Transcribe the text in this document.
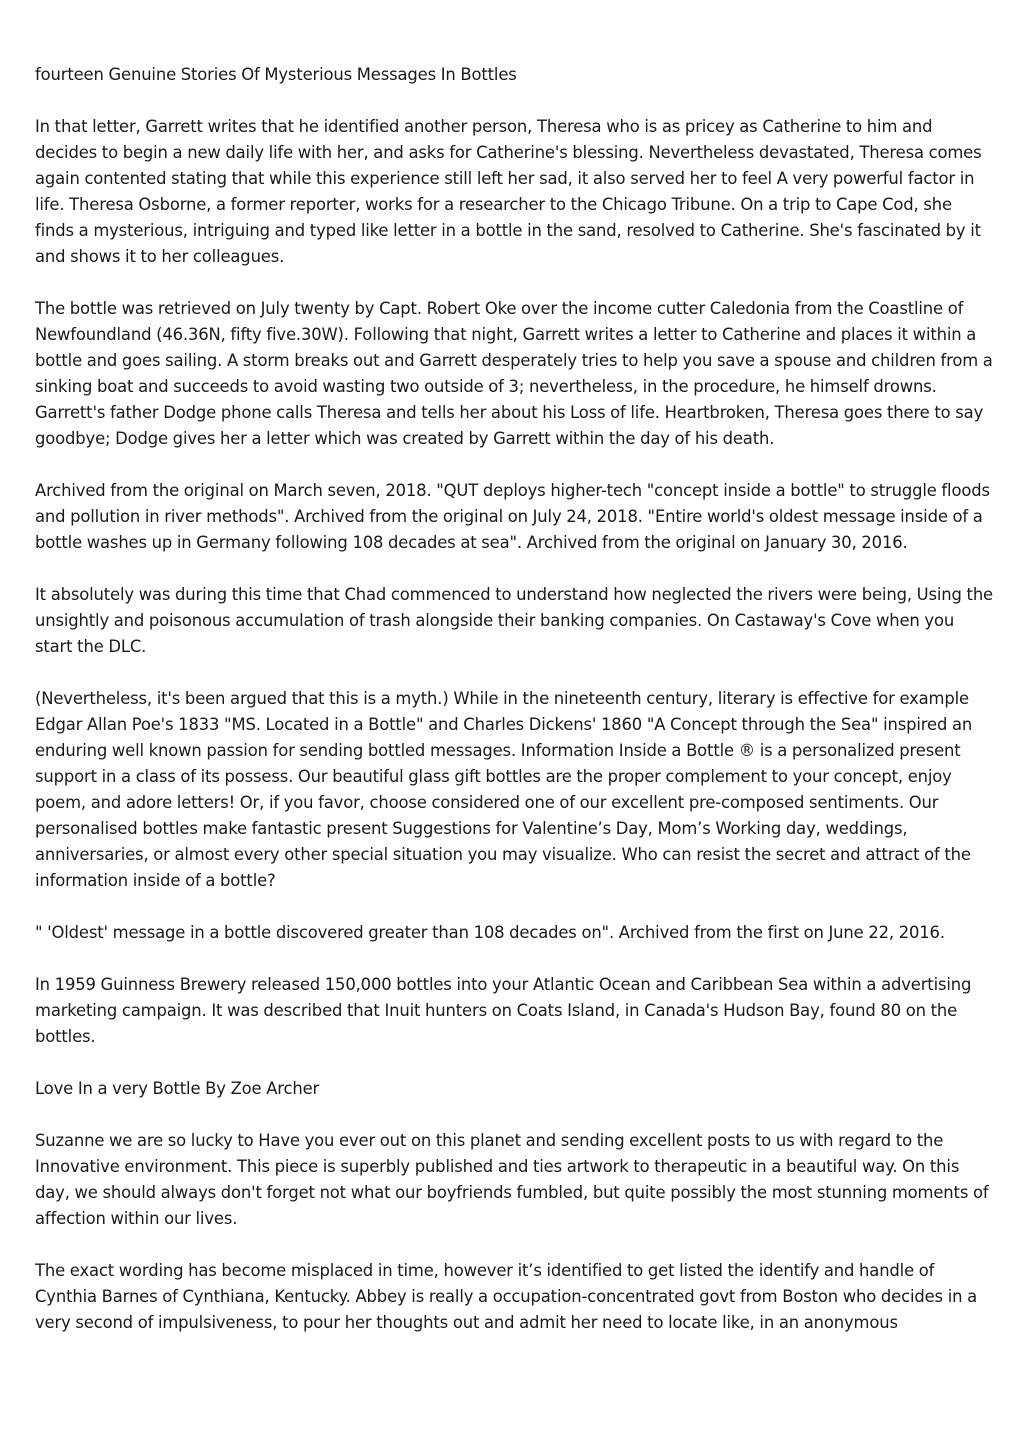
fourteen Genuine Stories Of Mysterious Messages In Bottles

In that letter, Garrett writes that he identified another person, Theresa who is as pricey as Catherine to him and decides to begin a new daily life with her, and asks for Catherine's blessing. Nevertheless devastated, Theresa comes again contented stating that while this experience still left her sad, it also served her to feel A very powerful factor in life. Theresa Osborne, a former reporter, works for a researcher to the Chicago Tribune. On a trip to Cape Cod, she finds a mysterious, intriguing and typed like letter in a bottle in the sand, resolved to Catherine. She's fascinated by it and shows it to her colleagues.

The bottle was retrieved on July twenty by Capt. Robert Oke over the income cutter Caledonia from the Coastline of Newfoundland (46.36N, fifty five.30W). Following that night, Garrett writes a letter to Catherine and places it within a bottle and goes sailing. A storm breaks out and Garrett desperately tries to help you save a spouse and children from a sinking boat and succeeds to avoid wasting two outside of 3; nevertheless, in the procedure, he himself drowns. Garrett's father Dodge phone calls Theresa and tells her about his Loss of life. Heartbroken, Theresa goes there to say goodbye; Dodge gives her a letter which was created by Garrett within the day of his death.

Archived from the original on March seven, 2018. "QUT deploys higher-tech "concept inside a bottle" to struggle floods and pollution in river methods". Archived from the original on July 24, 2018. "Entire world's oldest message inside of a bottle washes up in Germany following 108 decades at sea". Archived from the original on January 30, 2016.

It absolutely was during this time that Chad commenced to understand how neglected the rivers were being, Using the unsightly and poisonous accumulation of trash alongside their banking companies. On Castaway's Cove when you start the DLC.

(Nevertheless, it's been argued that this is a myth.) While in the nineteenth century, literary is effective for example Edgar Allan Poe's 1833 "MS. Located in a Bottle" and Charles Dickens' 1860 "A Concept through the Sea" inspired an enduring well known passion for sending bottled messages. Information Inside a Bottle ® is a personalized present support in a class of its possess. Our beautiful glass gift bottles are the proper complement to your concept, enjoy poem, and adore letters! Or, if you favor, choose considered one of our excellent pre-composed sentiments. Our personalised bottles make fantastic present Suggestions for Valentine’s Day, Mom’s Working day, weddings, anniversaries, or almost every other special situation you may visualize. Who can resist the secret and attract of the information inside of a bottle?

" 'Oldest' message in a bottle discovered greater than 108 decades on". Archived from the first on June 22, 2016.

In 1959 Guinness Brewery released 150,000 bottles into your Atlantic Ocean and Caribbean Sea within a advertising marketing campaign. It was described that Inuit hunters on Coats Island, in Canada's Hudson Bay, found 80 on the bottles.

Love In a very Bottle By Zoe Archer

Suzanne we are so lucky to Have you ever out on this planet and sending excellent posts to us with regard to the Innovative environment. This piece is superbly published and ties artwork to therapeutic in a beautiful way. On this day, we should always don't forget not what our boyfriends fumbled, but quite possibly the most stunning moments of affection within our lives.

The exact wording has become misplaced in time, however it’s identified to get listed the identify and handle of Cynthia Barnes of Cynthiana, Kentucky. Abbey is really a occupation-concentrated govt from Boston who decides in a very second of impulsiveness, to pour her thoughts out and admit her need to locate like, in an anonymous
